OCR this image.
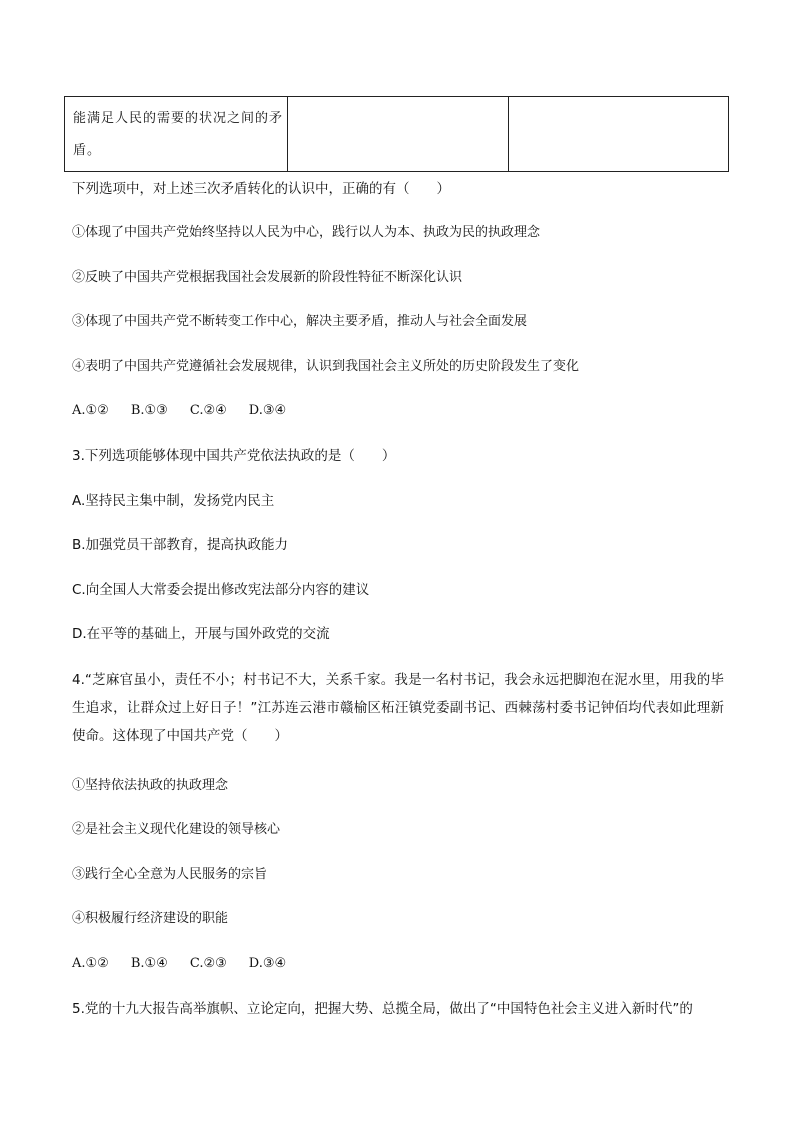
能满足人民的需要的状况之间的矛盾。

下列选项中，对上述三次矛盾转化的认识中，正确的有（　　）
①体现了中国共产党始终坚持以人民为中心，践行以人为本、执政为民的执政理念
②反映了中国共产党根据我国社会发展新的阶段性特征不断深化认识
③体现了中国共产党不断转变工作中心，解决主要矛盾，推动人与社会全面发展
④表明了中国共产党遵循社会发展规律，认识到我国社会主义所处的历史阶段发生了变化
A.①② B.①③ C.②④ D.③④
3.下列选项能够体现中国共产党依法执政的是（　　）
A.坚持民主集中制，发扬党内民主
B.加强党员干部教育，提高执政能力
C.向全国人大常委会提出修改宪法部分内容的建议
D.在平等的基础上，开展与国外政党的交流

4.“芝麻官虽小，责任不小；村书记不大，关系千家。我是一名村书记，我会永远把脚泡在泥水里，用我的毕生追求，让群众过上好日子！”江苏连云港市赣榆区柘汪镇党委副书记、西棘荡村委书记钟佰均代表如此理新使命。这体现了中国共产党（　　）

①坚持依法执政的执政理念
②是社会主义现代化建设的领导核心
③践行全心全意为人民服务的宗旨
④积极履行经济建设的职能
A.①② B.①④ C.②③ D.③④
5.党的十九大报告高举旗帜、立论定向，把握大势、总揽全局，做出了“中国特色社会主义进入新时代”的
